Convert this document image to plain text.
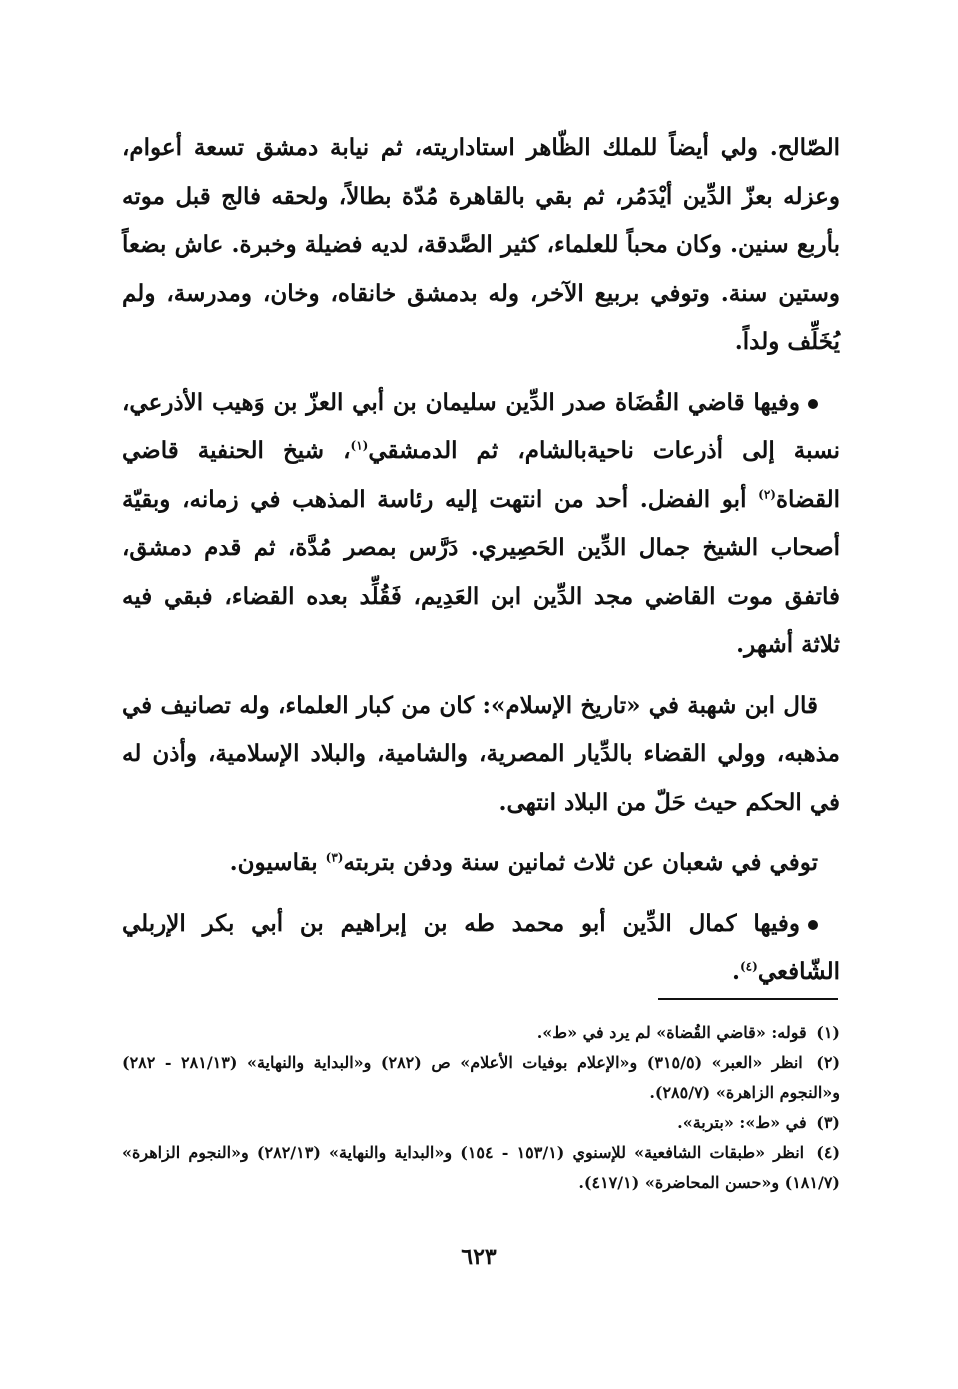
الصّالح. ولي أيضاً للملك الظّاهر استاداريته، ثم نيابة دمشق تسعة أعوام، وعزله بعزّ الدِّين أيْدَمُر، ثم بقي بالقاهرة مُدّة بطالاً، ولحقه فالج قبل موته بأربع سنين. وكان محباً للعلماء، كثير الصَّدقة، لديه فضيلة وخبرة. عاش بضعاً وستين سنة. وتوفي بربيع الآخر، وله بدمشق خانقاه، وخان، ومدرسة، ولم يُخَلِّف ولداً.

وفيها قاضي القُضَاة صدر الدِّين سليمان بن أبي العزّ بن وَهيب الأذرعي، نسبة إلى أذرعات ناحيةبالشام، ثم الدمشقي$^{(١)}$، شيخ الحنفية قاضي القضاة$^{(٢)}$ أبو الفضل. أحد من انتهت إليه رئاسة المذهب في زمانه، وبقيّة أصحاب الشيخ جمال الدِّين الحَصِيري. دَرَّس بمصر مُدَّة، ثم قدم دمشق، فاتفق موت القاضي مجد الدِّين ابن العَدِيم، فَقُلِّد بعده القضاء، فبقي فيه ثلاثة أشهر.

قال ابن شهبة في «تاريخ الإسلام»: كان من كبار العلماء، وله تصانيف في مذهبه، وولي القضاء بالدِّيار المصرية، والشامية، والبلاد الإسلامية، وأذن له في الحكم حيث حَلّ من البلاد انتهى.

توفي في شعبان عن ثلاث ثمانين سنة ودفن بتربته$^{(٣)}$ بقاسيون.

وفيها كمال الدِّين أبو محمد طه بن إبراهيم بن أبي بكر الإربلي الشّافعي$^{(٤)}$.

(١) قوله: «قاضي القُضاة» لم يرد في «ط».

(٢) انظر «العبر» (٣١٥/٥) و«الإعلام بوفيات الأعلام» ص (٢٨٢) و«البداية والنهاية» (٢٨١/١٣ - ٢٨٢) و«النجوم الزاهرة» (٢٨٥/٧).

(٣) في «ط»: «بتربة».

(٤) انظر «طبقات الشافعية» للإسنوي (١٥٣/١ - ١٥٤) و«البداية والنهاية» (٢٨٢/١٣) و«النجوم الزاهرة» (١٨١/٧) و«حسن المحاضرة» (٤١٧/١).

٦٢٣
